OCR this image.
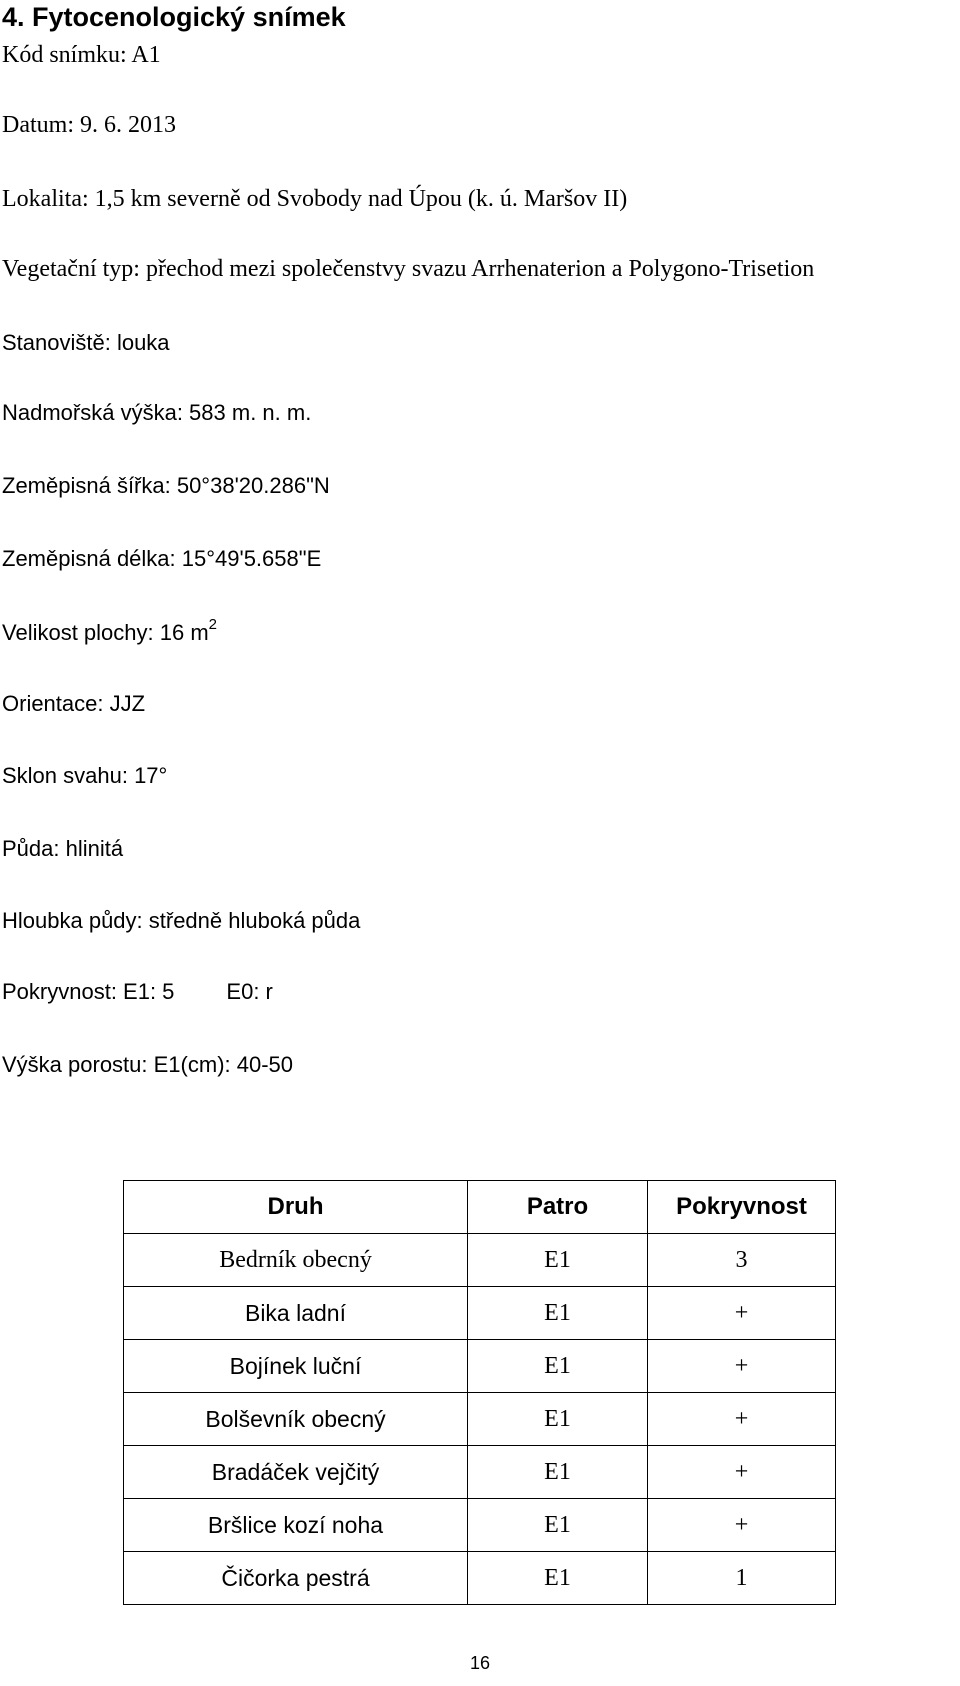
4. Fytocenologický snímek
Kód snímku: A1
Datum: 9. 6. 2013
Lokalita: 1,5 km severně od Svobody nad Úpou (k. ú. Maršov II)
Vegetační typ: přechod mezi společenstvy svazu Arrhenaterion a Polygono-Trisetion
Stanoviště: louka
Nadmořská výška: 583 m. n. m.
Zeměpisná šířka: 50°38'20.286"N
Zeměpisná délka: 15°49'5.658"E
Velikost plochy: 16 $m^2$
Orientace: JJZ
Sklon svahu: 17°
Půda: hlinitá
Hloubka půdy: středně hluboká půda
Pokryvnost: E1: 5 E0: r
Výška porostu: E1(cm): 40-50
Druh	Patro	Pokryvnost
Bedrník obecný	E1	3
Bika ladní	E1	+
Bojínek luční	E1	+
Bolševník obecný	E1	+
Bradáček vejčitý	E1	+
Bršlice kozí noha	E1	+
Čičorka pestrá	E1	1
16
